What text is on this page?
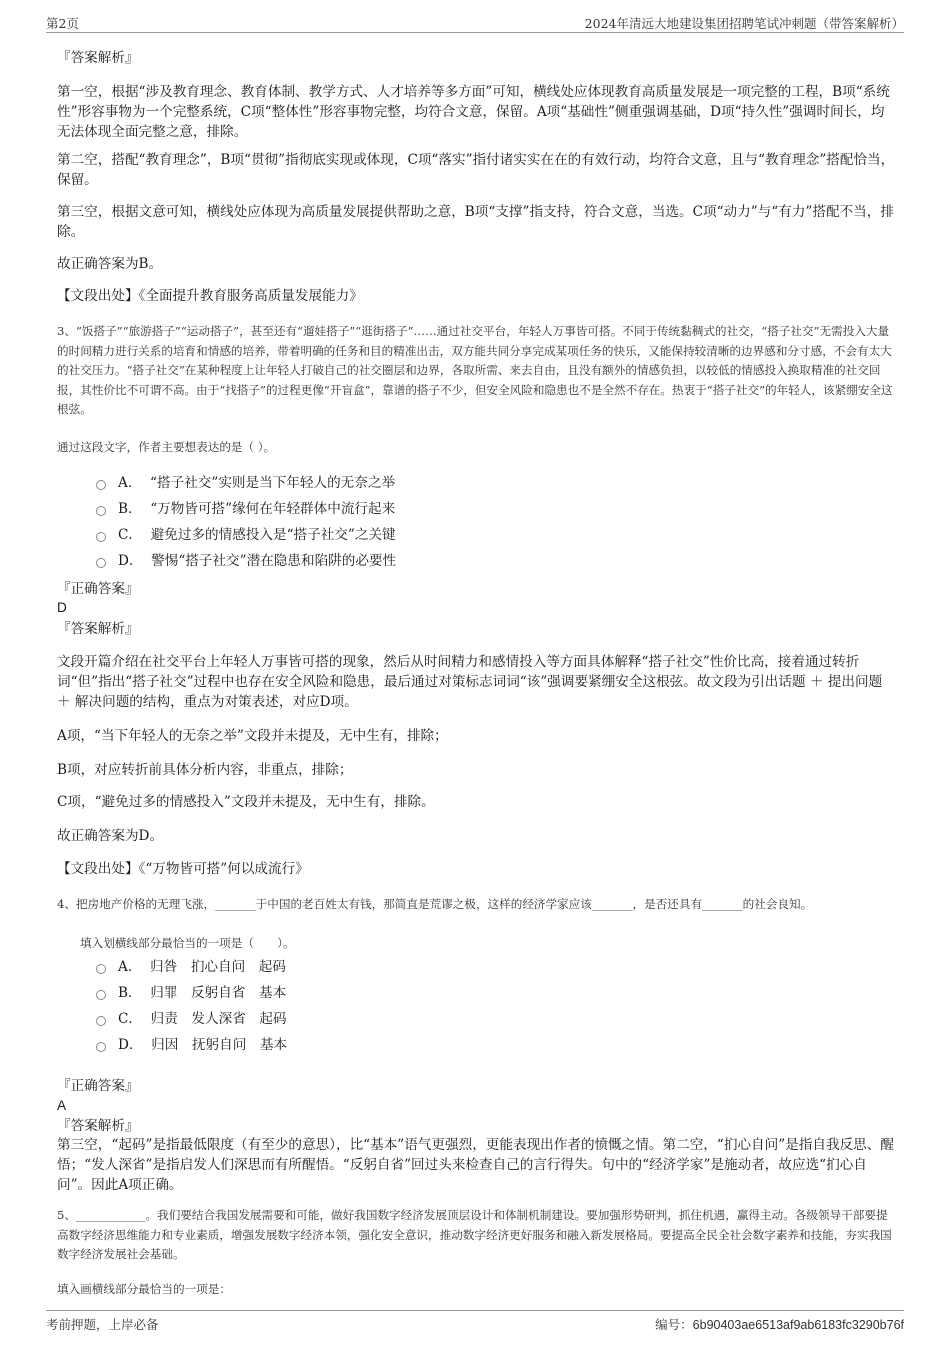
第2页	2024年清远大地建设集团招聘笔试冲刺题（带答案解析）

『答案解析』

第一空，根据“涉及教育理念、教育体制、教学方式、人才培养等多方面”可知，横线处应体现教育高质量发展是一项完整的工程，B项“系统性”形容事物为一个完整系统，C项“整体性”形容事物完整，均符合文意，保留。A项“基础性”侧重强调基础，D项“持久性”强调时间长，均无法体现全面完整之意，排除。

第二空，搭配“教育理念”，B项“贯彻”指彻底实现或体现，C项“落实”指付诸实实在在的有效行动，均符合文意，且与“教育理念”搭配恰当，保留。

第三空，根据文意可知，横线处应体现为高质量发展提供帮助之意，B项“支撑”指支持，符合文意，当选。C项“动力”与“有力”搭配不当，排除。

故正确答案为B。

【文段出处】《全面提升教育服务高质量发展能力》

3、“饭搭子”“旅游搭子”“运动搭子”，甚至还有“遛娃搭子”“逛街搭子”……通过社交平台，年轻人万事皆可搭。不同于传统黏稠式的社交，“搭子社交”无需投入大量的时间精力进行关系的培育和情感的培养，带着明确的任务和目的精准出击，双方能共同分享完成某项任务的快乐，又能保持较清晰的边界感和分寸感，不会有太大的社交压力。“搭子社交”在某种程度上让年轻人打破自己的社交圈层和边界，各取所需、来去自由，且没有额外的情感负担，以较低的情感投入换取精准的社交回报，其性价比不可谓不高。由于“找搭子”的过程更像“开盲盒”，靠谱的搭子不少，但安全风险和隐患也不是全然不存在。热衷于“搭子社交”的年轻人，该紧绷安全这根弦。

通过这段文字，作者主要想表达的是（ ）。

A．  “搭子社交”实则是当下年轻人的无奈之举
B．  “万物皆可搭”缘何在年轻群体中流行起来
C．  避免过多的情感投入是“搭子社交”之关键
D．  警惕“搭子社交”潜在隐患和陷阱的必要性

『正确答案』

D

『答案解析』

文段开篇介绍在社交平台上年轻人万事皆可搭的现象，然后从时间精力和感情投入等方面具体解释“搭子社交”性价比高，接着通过转折词“但”指出“搭子社交”过程中也存在安全风险和隐患，最后通过对策标志词词“该”强调要紧绷安全这根弦。故文段为引出话题 ＋ 提出问题 ＋ 解决问题的结构，重点为对策表述，对应D项。

A项，“当下年轻人的无奈之举”文段并未提及，无中生有，排除；

B项，对应转折前具体分析内容，非重点，排除；

C项，“避免过多的情感投入”文段并未提及，无中生有，排除。

故正确答案为D。

【文段出处】《“万物皆可搭”何以成流行》

4、把房地产价格的无理飞涨，_______于中国的老百姓太有钱，那简直是荒谬之极，这样的经济学家应该_______，是否还具有_______的社会良知。

填入划横线部分最恰当的一项是（　　）。

A．  归咎　扪心自问　起码
B．  归罪　反躬自省　基本
C．  归责　发人深省　起码
D．  归因　抚躬自问　基本

『正确答案』

A

『答案解析』

第三空，“起码”是指最低限度（有至少的意思），比“基本”语气更强烈，更能表现出作者的愤慨之情。第二空，“扪心自问”是指自我反思、醒悟；“发人深省”是指启发人们深思而有所醒悟。“反躬自省”回过头来检查自己的言行得失。句中的“经济学家”是施动者，故应选“扪心自问”。因此A项正确。

5、____________。我们要结合我国发展需要和可能，做好我国数字经济发展顶层设计和体制机制建设。要加强形势研判，抓住机遇，赢得主动。各级领导干部要提高数字经济思维能力和专业素质，增强发展数字经济本领，强化安全意识，推动数字经济更好服务和融入新发展格局。要提高全民全社会数字素养和技能，夯实我国数字经济发展社会基础。

填入画横线部分最恰当的一项是：

考前押题，上岸必备	编号：6b90403ae6513af9ab6183fc3290b76f
